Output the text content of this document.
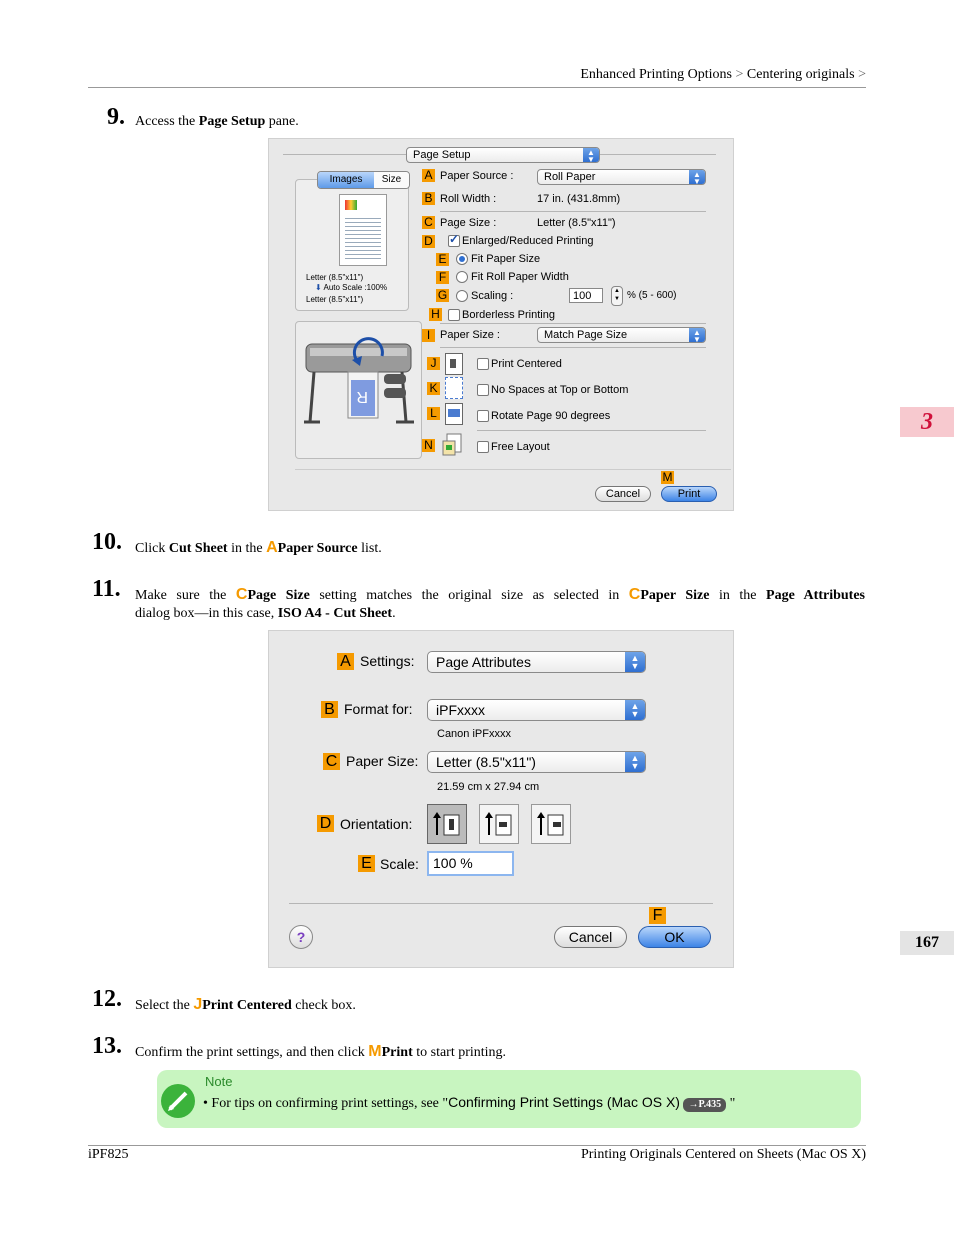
Enhanced Printing Options > Centering originals >
3
167
9. Access the Page Setup pane.
Page Setup	▲
▼
Images	Size
Letter (8.5"x11")
⬇ Auto Scale :100%
Letter (8.5"x11")
R
A Paper Source :	Roll Paper	▲
▼
B Roll Width :	17 in. (431.8mm)
C Page Size :	Letter (8.5"x11")
D
✓	Enlarged/Reduced Printing
E Fit Paper Size
F Fit Roll Paper Width
G Scaling :	100	▲
▼ % (5 - 600)
H Borderless Printing
I Paper Size :	Match Page Size	▲
▼
J	Print Centered
K	No Spaces at Top or Bottom
L	Rotate Page 90 degrees
N	Free Layout
M
Cancel	Print
10. Click Cut Sheet in the APaper Source list.
11. Make sure the CPage Size setting matches the original size as selected in CPaper Size in the Page Attributes
dialog box—in this case, ISO A4 - Cut Sheet.
A Settings:	Page Attributes	▲
▼
B Format for:	iPFxxxx	▲
▼
Canon iPFxxxx
C Paper Size:	Letter (8.5"x11")	▲
▼
21.59 cm x 27.94 cm
D Orientation:
E Scale:	100 %
F
?	Cancel	OK
12. Select the JPrint Centered check box.
13. Confirm the print settings, and then click MPrint to start printing.
Note
• For tips on confirming print settings, see "Confirming Print Settings (Mac OS X) →P.435 "
iPF825	Printing Originals Centered on Sheets (Mac OS X)
